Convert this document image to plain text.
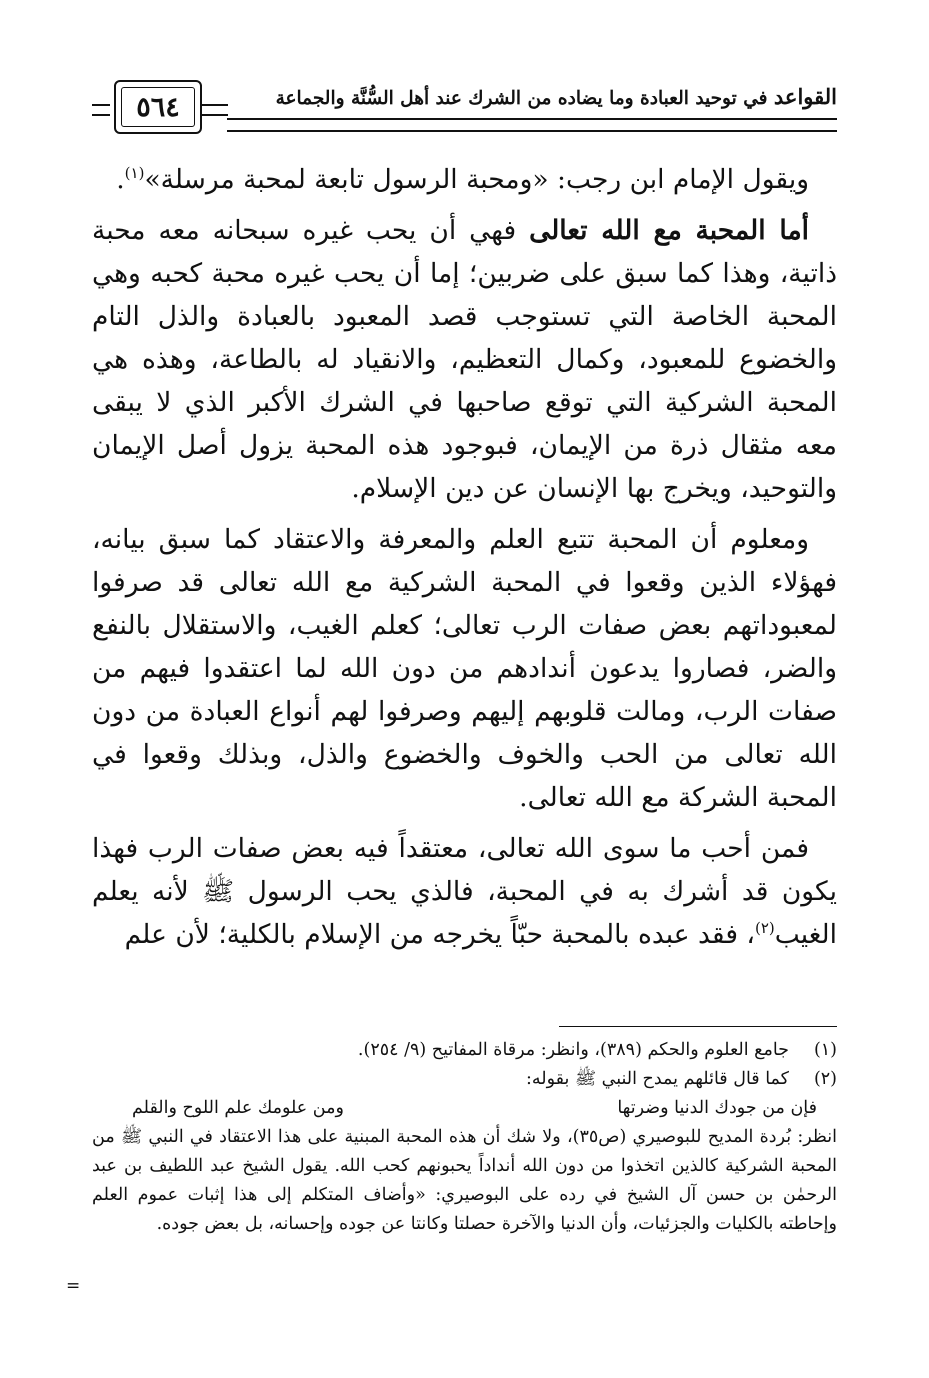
٥٦٤	القواعد في توحيد العبادة وما يضاده من الشرك عند أهل السُّنَّة والجماعة

ويقول الإمام ابن رجب: «ومحبة الرسول تابعة لمحبة مرسلة»$^{(١)}$.

أما المحبة مع الله تعالى فهي أن يحب غيره سبحانه معه محبة ذاتية، وهذا كما سبق على ضربين؛ إما أن يحب غيره محبة كحبه وهي المحبة الخاصة التي تستوجب قصد المعبود بالعبادة والذل التام والخضوع للمعبود، وكمال التعظيم، والانقياد له بالطاعة، وهذه هي المحبة الشركية التي توقع صاحبها في الشرك الأكبر الذي لا يبقى معه مثقال ذرة من الإيمان، فبوجود هذه المحبة يزول أصل الإيمان والتوحيد، ويخرج بها الإنسان عن دين الإسلام.

ومعلوم أن المحبة تتبع العلم والمعرفة والاعتقاد كما سبق بيانه، فهؤلاء الذين وقعوا في المحبة الشركية مع الله تعالى قد صرفوا لمعبوداتهم بعض صفات الرب تعالى؛ كعلم الغيب، والاستقلال بالنفع والضر، فصاروا يدعون أندادهم من دون الله لما اعتقدوا فيهم من صفات الرب، ومالت قلوبهم إليهم وصرفوا لهم أنواع العبادة من دون الله تعالى من الحب والخوف والخضوع والذل، وبذلك وقعوا في المحبة الشركة مع الله تعالى.

فمن أحب ما سوى الله تعالى، معتقداً فيه بعض صفات الرب فهذا يكون قد أشرك به في المحبة، فالذي يحب الرسول ﷺ لأنه يعلم الغيب$^{(٢)}$، فقد عبده بالمحبة حبّاً يخرجه من الإسلام بالكلية؛ لأن علم

(١)
جامع العلوم والحكم (٣٨٩)، وانظر: مرقاة المفاتيح (٩/ ٢٥٤).
(٢)
كما قال قائلهم يمدح النبي ﷺ بقوله:
فإن من جودك الدنيا وضرتها
ومن علومك علم اللوح والقلم
انظر: بُردة المديح للبوصيري (ص٣٥)، ولا شك أن هذه المحبة المبنية على هذا الاعتقاد في النبي ﷺ من المحبة الشركية كالذين اتخذوا من دون الله أنداداً يحبونهم كحب الله. يقول الشيخ عبد اللطيف بن عبد الرحمٰن بن حسن آل الشيخ في رده على البوصيري: «وأضاف المتكلم إلى هذا إثبات عموم العلم وإحاطته بالكليات والجزئيات، وأن الدنيا والآخرة حصلتا وكانتا عن جوده وإحسانه، بل بعض جوده.
=
